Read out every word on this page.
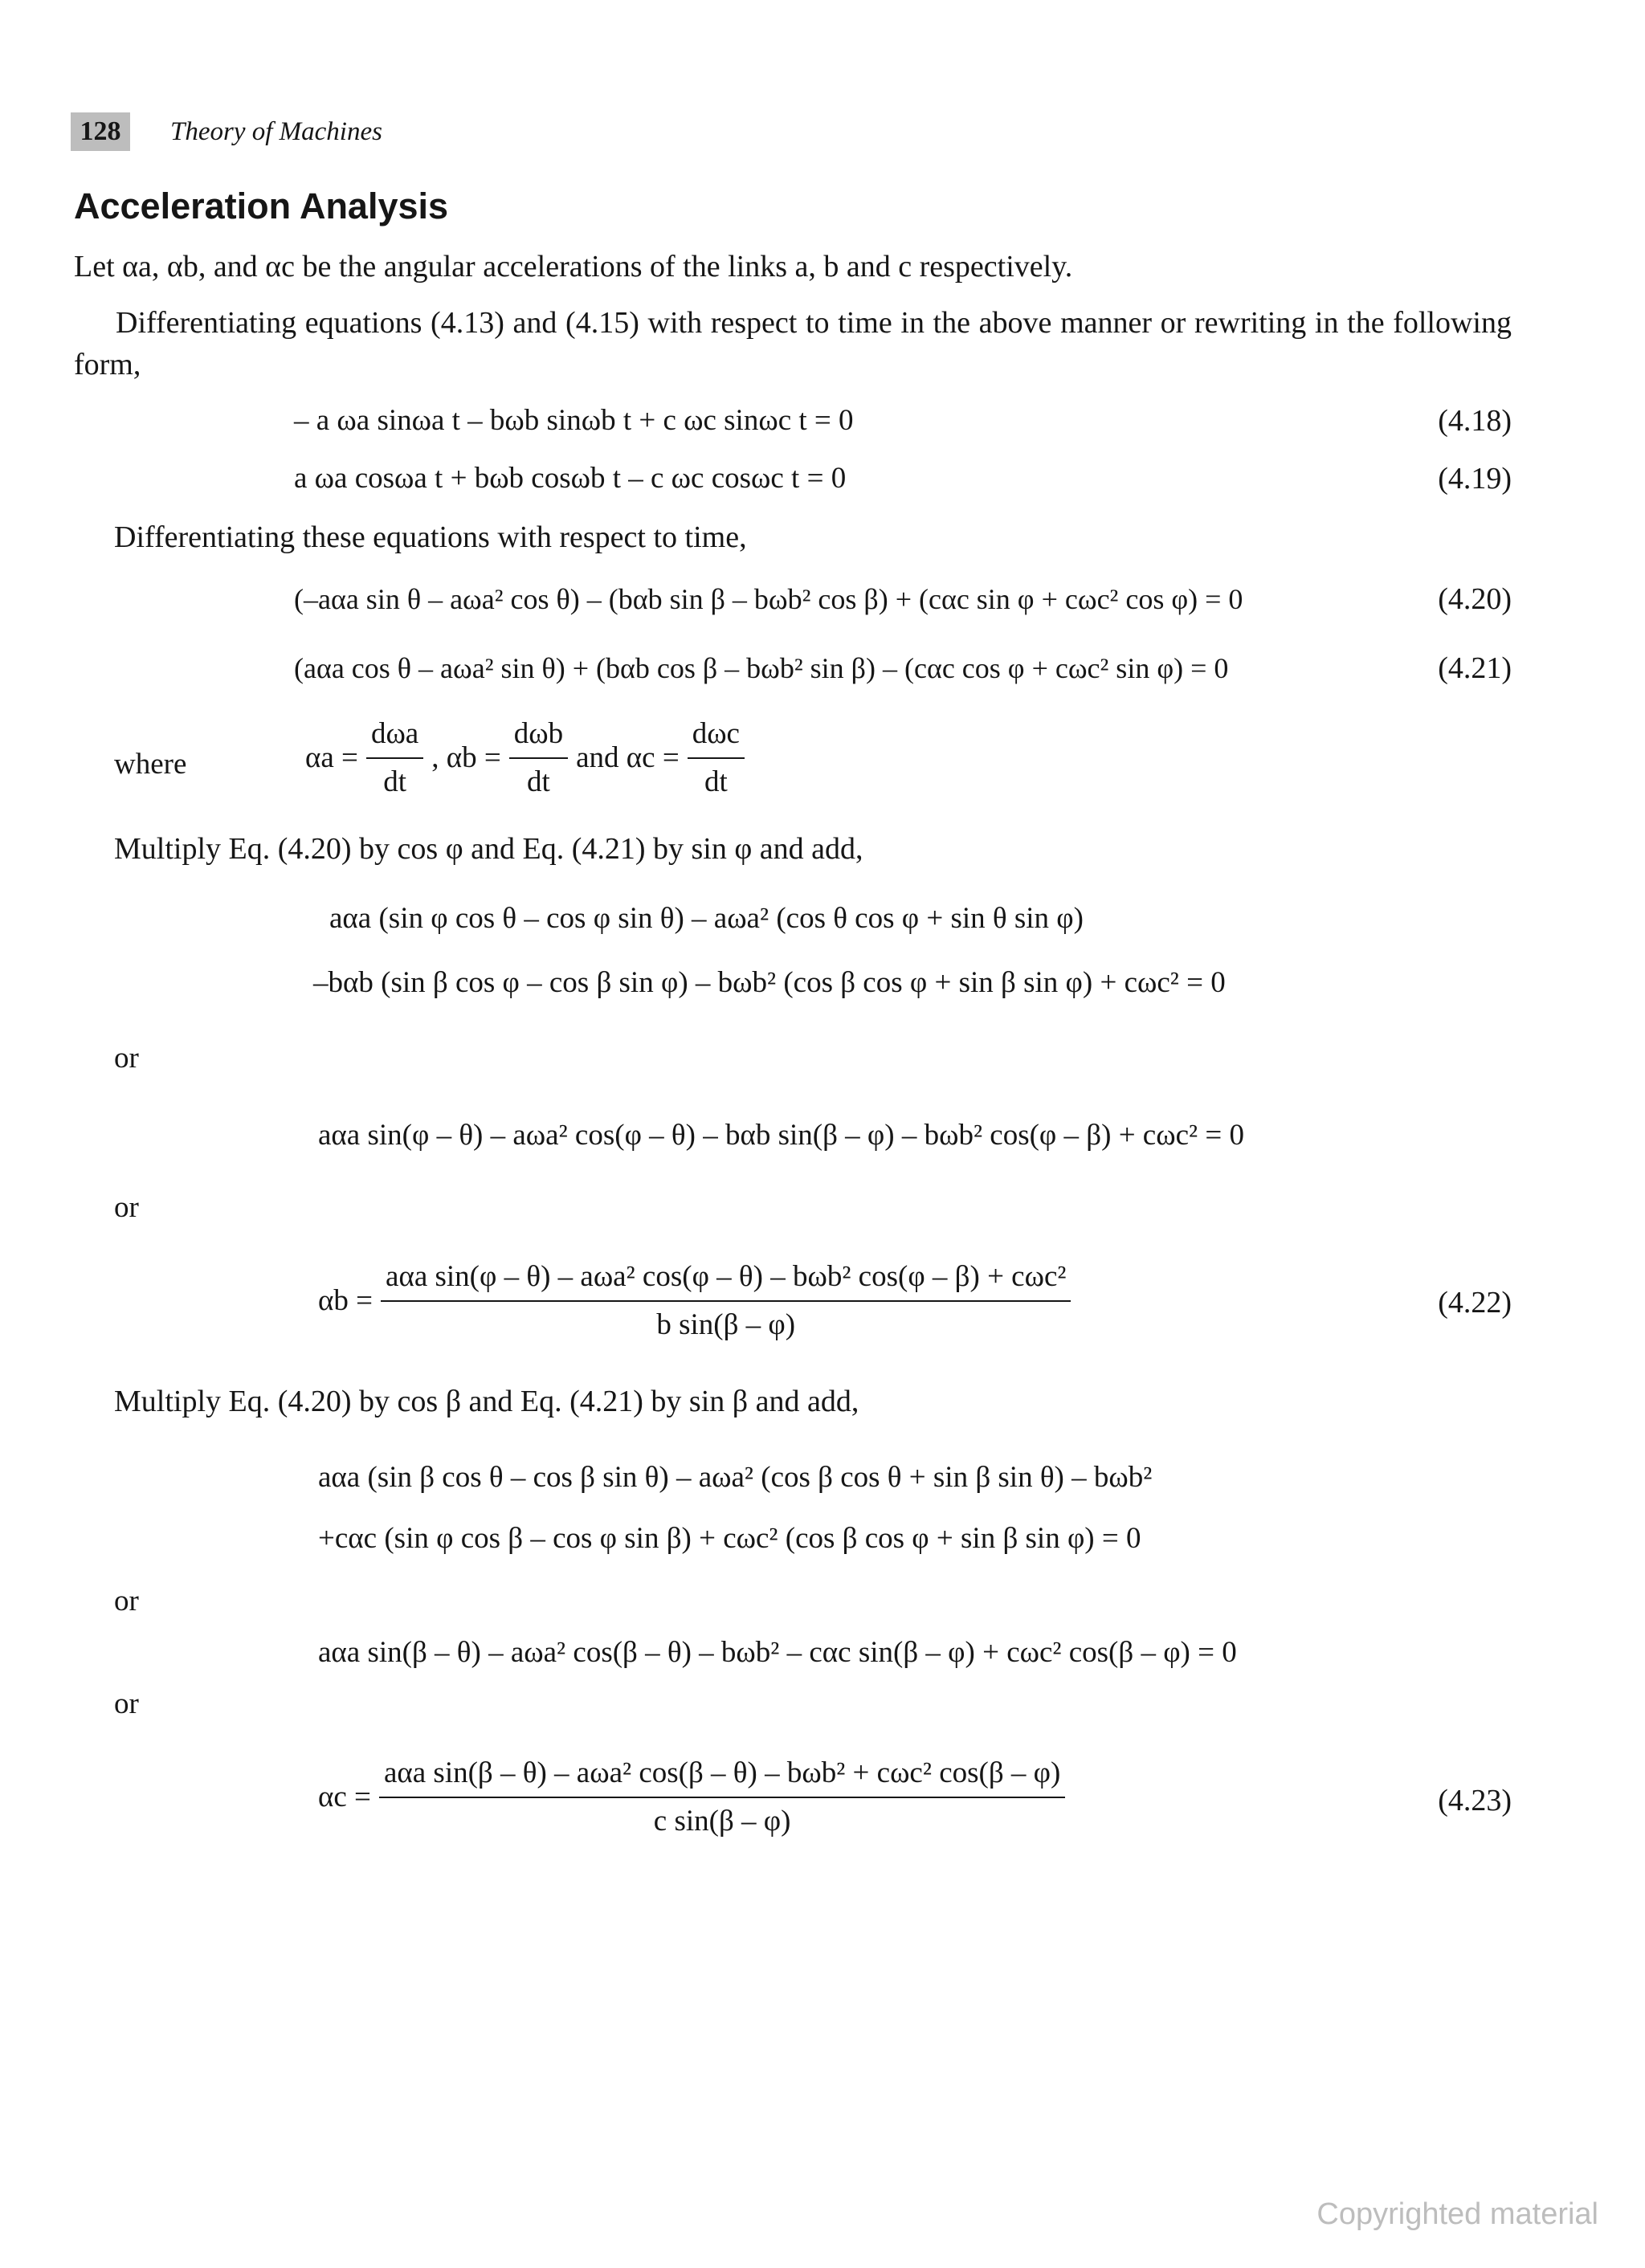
128	Theory of Machines
Acceleration Analysis
Let αa, αb, and αc be the angular accelerations of the links a, b and c respectively.
Differentiating equations (4.13) and (4.15) with respect to time in the above manner or rewriting in the following form,
– a ωa sinωa t – bωb sinωb t + c ωc sinωc t = 0	(4.18)
a ωa cosωa t + bωb cosωb t – c ωc cosωc t = 0	(4.19)
Differentiating these equations with respect to time,
(–aαa sin θ – aωa² cos θ) – (bαb sin β – bωb² cos β) + (cαc sin φ + cωc² cos φ) = 0	(4.20)
(aαa cos θ – aωa² sin θ) + (bαb cos β – bωb² sin β) – (cαc cos φ + cωc² sin φ) = 0	(4.21)
where	$\alpha a = \frac{\text{dωa}}{dt}$ , $\alpha b = \frac{\text{dωb}}{dt}$ and $\alpha c = \frac{\text{dωc}}{dt}$
Multiply Eq. (4.20) by cos φ and Eq. (4.21) by sin φ and add,
aαa (sin φ cos θ – cos φ sin θ) – aωa² (cos θ cos φ + sin θ sin φ)
–bαb (sin β cos φ – cos β sin φ) – bωb² (cos β cos φ + sin β sin φ) + cωc² = 0
or
aαa sin(φ – θ) – aωa² cos(φ – θ) – bαb sin(β – φ) – bωb² cos(φ – β) + cωc² = 0
or
$\alpha b = \frac{\text{aαa sin(φ – θ) – aωa² cos(φ – θ) – bωb² cos(φ – β) + cωc²}}{\text{b sin(β – φ)}}$	(4.22)
Multiply Eq. (4.20) by cos β and Eq. (4.21) by sin β and add,
aαa (sin β cos θ – cos β sin θ) – aωa² (cos β cos θ + sin β sin θ) – bωb²
+cαc (sin φ cos β – cos φ sin β) + cωc² (cos β cos φ + sin β sin φ) = 0
or
aαa sin(β – θ) – aωa² cos(β – θ) – bωb² – cαc sin(β – φ) + cωc² cos(β – φ) = 0
or
$\alpha c = \frac{\text{aαa sin(β – θ) – aωa² cos(β – θ) – bωb² + cωc² cos(β – φ)}}{\text{c sin(β – φ)}}$	(4.23)
Copyrighted material
